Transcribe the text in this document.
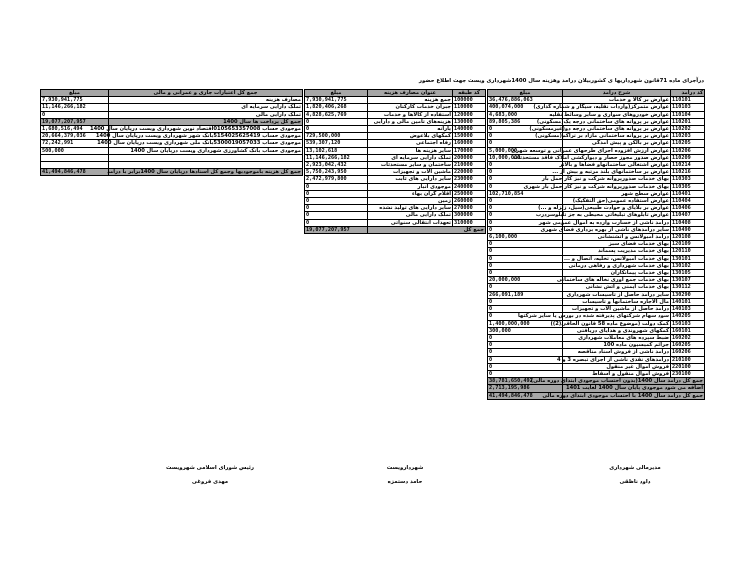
درآجرای ماده 71قانون شهرداریها ی کشوربیلان درامد وهزینه سال 1400شهرداری ویست جهت اطلاع حضور
مبلغ	شرح درآمد	کد درآمد
36,476,886,063	عوارض بر کالا و خدمات	110101
400,074,000	عوارض متمرکز(واردات نقلیه، سیگار و شماره گذاری)	110103
4,683,000	عوارض خودروهای سواری و سایر وسائط نقلیه	110104
89,805,386	عوارض بر پروانه های ساختمانی درجه یک(مسکونی)	110201
0	عوارض بر پروانه های ساختمانی درجه دو(غیرمسکونی)	110202
0	عوارض بر پروانه ساختمانی مازاد بر تراکم(مسکونی)	110203
0	عوارض بر بالکن و پیش آمدگی	110205
5,000,000	عوارض ارزش افزوده اجرای طرحهای عمرانی و توسعه شهری	110206
10,000,000	عوارض صدور مجوز حصار و دیوارکشی املاک فاقد مستحدثات	110209
0	عوارض اشتغالی ساختمانهاو فضاها و بالاتر	110214
0	عوارض بر ساختمانهای بلند مرتبه و بیش از ...	110216
0	بهای خدمات صدورپروانه شرکت و نیز کار حمل بار	110303
0	بهای خدمات صدورپروانه شرکت و نیز کار حمل بار شهری	110305
102,710,854	عوارض سطح شهر	110401
0	عوارض استفاده عمومی(حق التفکیک)	110404
0	عوارض بر بلایای و حوادث طبیعی(سیل، زلزله و ...)	110406
0	عوارض تابلوهای تبلیغاتی محیطی به جز تابلوسردرب	110407
0	درآمد ناشی از خسارت وارده به اموال عمومی شهر	110408
0	سایر درآمدهای ناشی از بهره برداری فضای شهری	110490
6,100,000	درآمد آمبولانس و آتشنشانی	120108
0	بهای خدمات فضای سبز	120109
0	بهای خدمات مدیریت پسماند	120110
0	بهای خدمات آمبولانس، تخلیه، اتصال و ...	130101
0	بهای خدمات شهرداری و رفاهی درمانی	130102
0	بهای خدمات پیمانکاران	130105
20,000,000	بهای خدمات جمع آوری نخاله های ساختمانی	130107
0	بهای خدمات ایمنی و آتش نشانی	130112
266,091,189	سایر درآمد حاصل از تاسیسات شهرداری	130290
0	مال الاجاره ساختمانها و تاسیسات	140101
0	درآمد حاصل از ماشین آلات و تجهیزات	140103
0	سود سهام شرکتهای پذیرفته شده در بورس یا سایر شرکتها	140205
1,400,000,000	کمک دولت (موضوع ماده 58 قانون الحاقی(2))	150103
300,000	کمکهای شهروندی و هدایای دریافتی	160101
0	ضبط سپرده های معاملات شهرداری	160202
0	جرائم کمیسیون ماده 100	160205
0	درآمد ناشی از فروش اسناد مناقصه	160206
0	درآمدهای نقدی ناشی از اجرای تبصره 3 و 4	210100
0	فروش اموال غیر منقول	220100
0	فروش اموال منقول و اسقاط	230100
38,781,650,492	جمع کل درآمد سال 1400(بدون احتساب موجودی ابتدای دوره مالی)	
2,713,195,986	اضافه می شود موجودی پایان سال 1400 لغایت 1401	
41,494,846,478	جمع کل درآمد سال 1400 با احتساب موجودی ابتدای دوره مالی	
مبلغ	عنوان مصارف هزینه	کد طبقه
7,930,941,775	جمع هزینه	100000
1,820,406,268	جبران خدمات کارکنان	110000
4,828,625,769	استفاده از کالاها و خدمات	120000
0	هزینه‌های تامین مالی و دارایی	130000
0	یارانه	140000
729,500,000	کمکهای بلاعوض	150000
539,307,120	رفاه اجتماعی	160000
13,102,618	سایر هزینه ها	170000
11,146,266,182	تملک دارایی سرمایه ای	200000
2,923,042,432	ساختمان و سایر مستحدثات	210000
5,750,243,950	ماشین آلات و تجهیزات	220000
2,472,979,800	سایر دارایی های ثابت	230000
0	موجودی انبار	240000
0	اقلام گران بهاء	250000
0	زمین	260000
0	سایر دارایی های تولید نشده	270000
0	تملک دارایی مالی	300000
0	تعهدات انتقالی سنواتی	310000
19,077,207,957	جمع کل	
مبلغ	جمع کل اعتبارات جاری و عمرانی و مالی
7,930,941,775	مصارف هزینه
11,146,266,182	تملک دارایی سرمایه ای
0	تملک دارایی مالی
19,077,207,957	جمع کل پرداخت ها سال 1400
1,680,516,494	موجودی حساب 0105653357008اقتصاد نوین شهرداری ویست درپایان سال 1400
20,664,379,036	موجودی حساب 5154025625419بانک شهر شهرداری ویست درپایان سال 1400
72,242,991	موجودی حساب 5300019057033بانک ملی شهرداری ویست درپایان سال 1400
500,000	موجودی حساب بانک کشاورزی شهرداری ویست درپایان سال 1400

41,494,846,478	جمع کل هزینه باموجودیها وجمع کل اسنادها درپایان سال 1400برابر با درآمد
مدیرمالی شهرداری
داود ناظقی
شهردارویست
حامد دستمزه
رئیس شورای اسلامی شهرویست
مهدی فروغی
